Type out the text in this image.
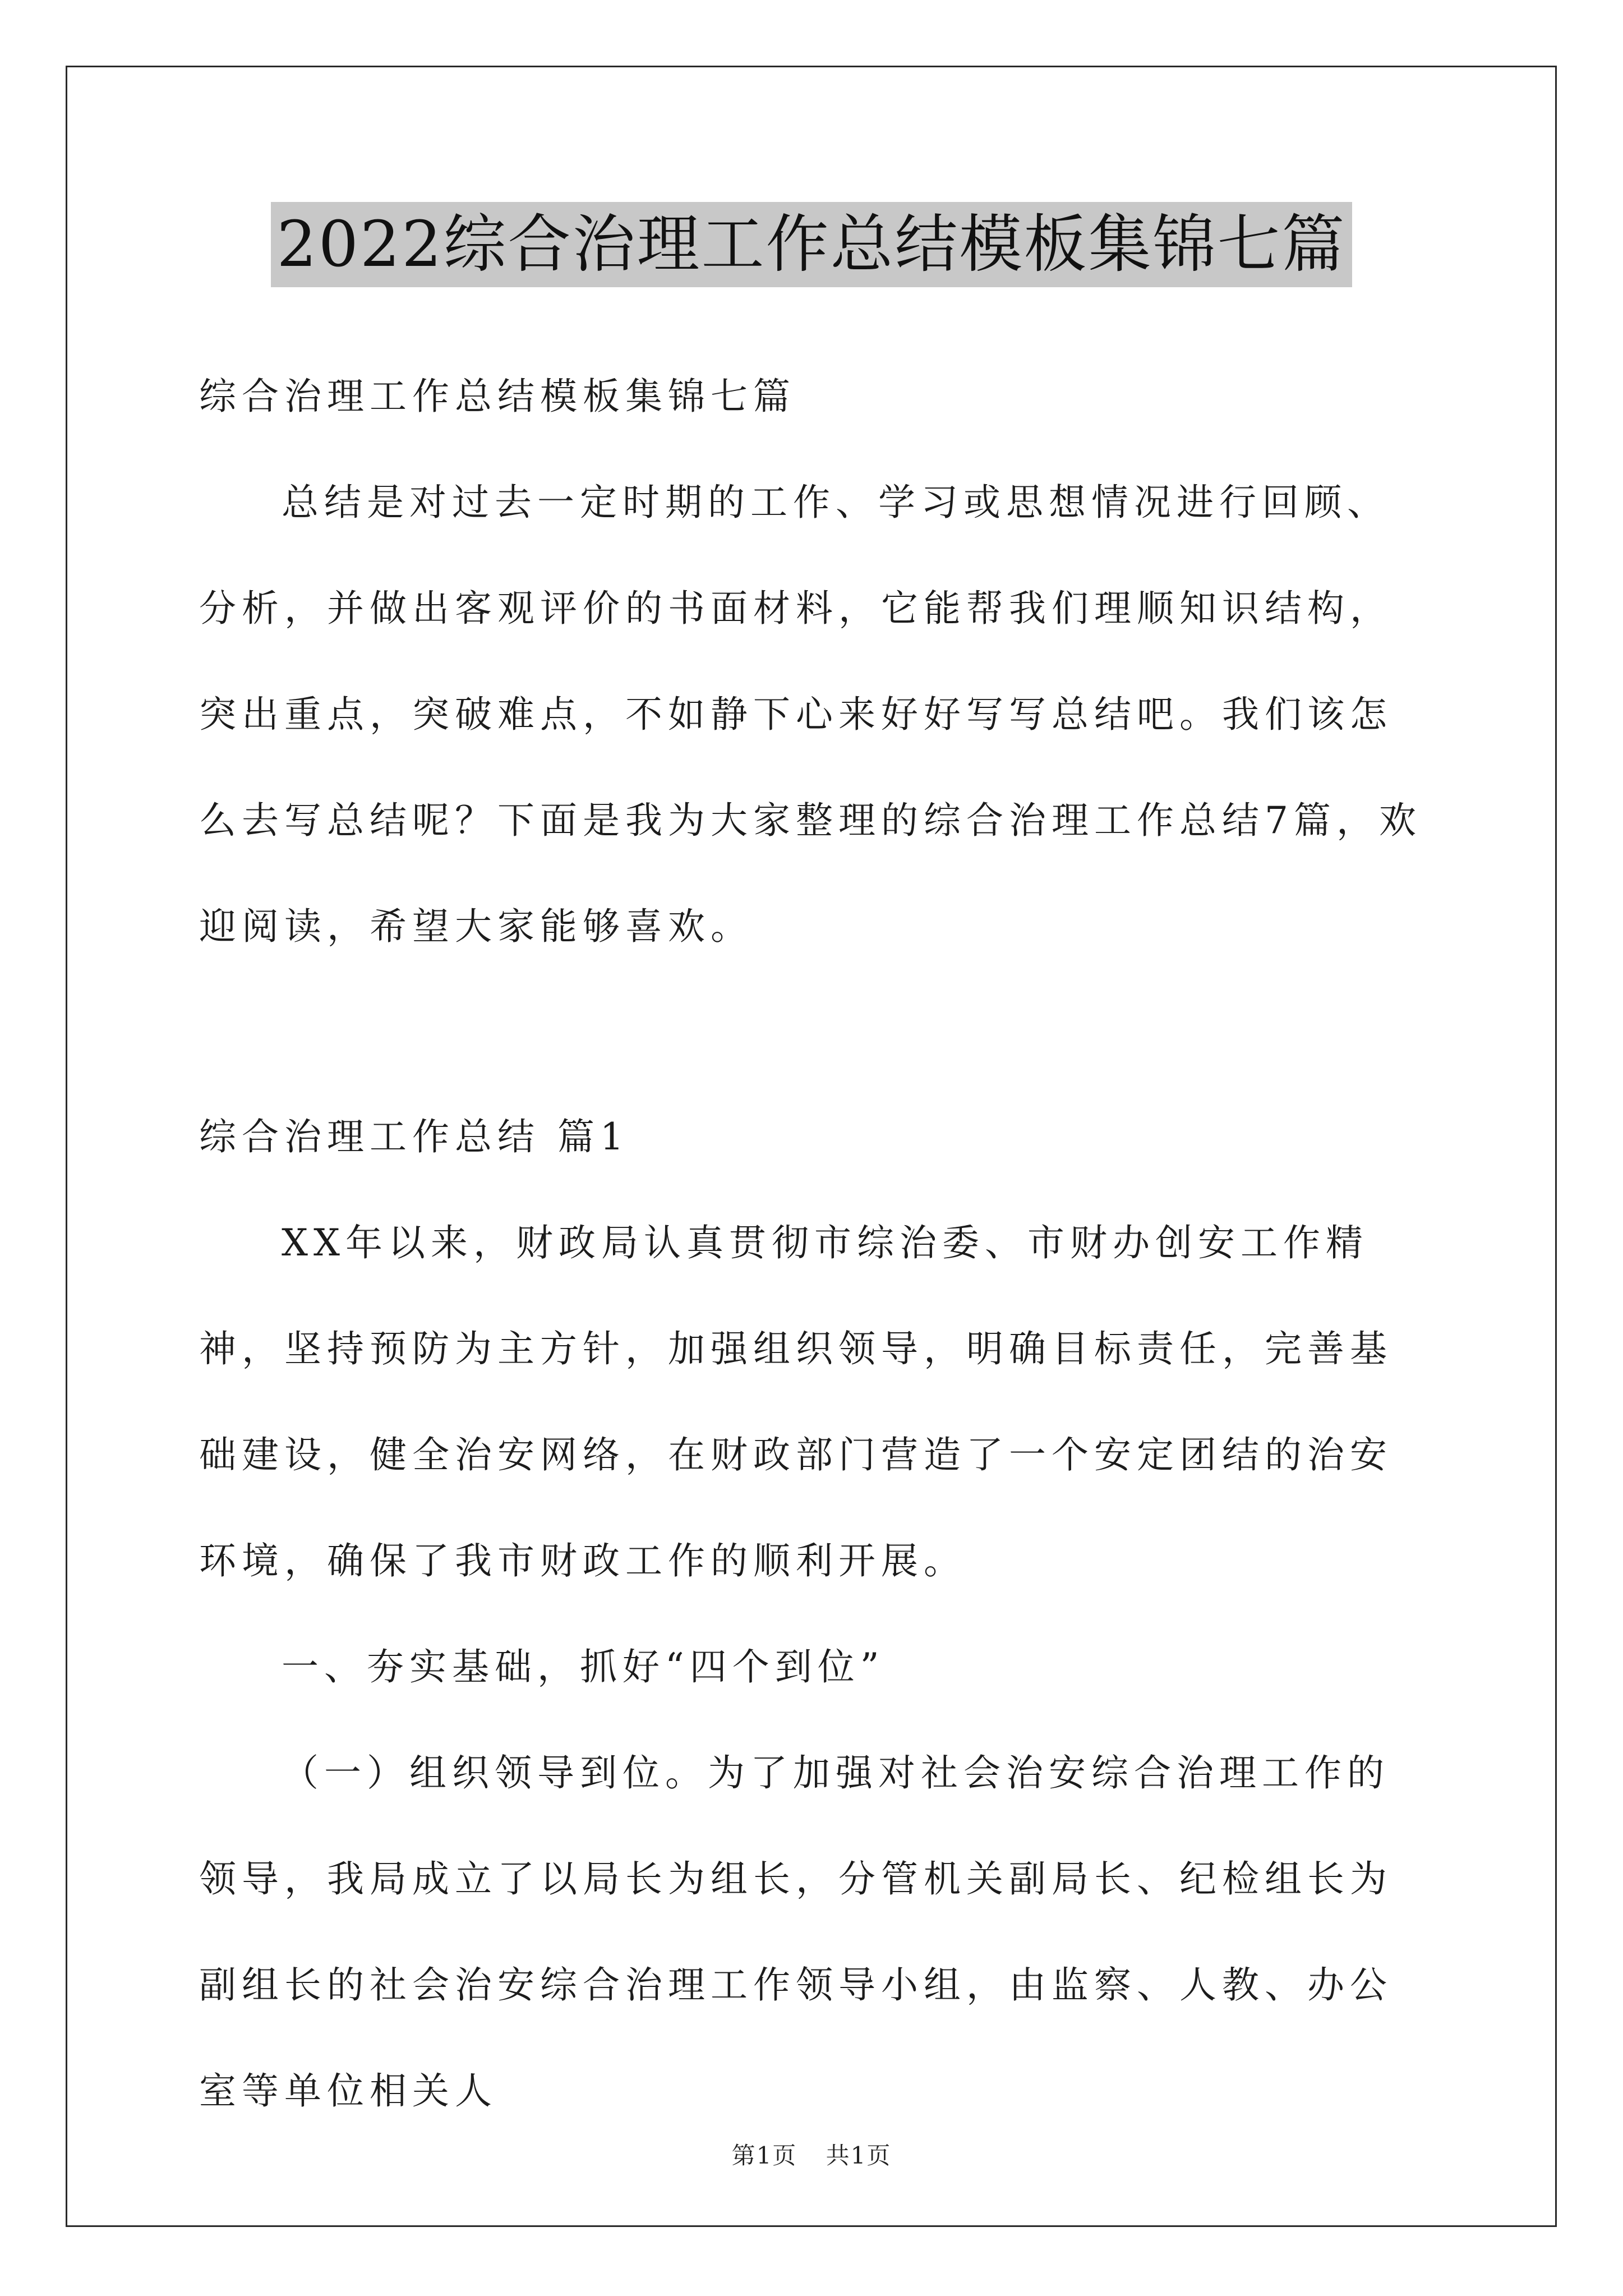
2022综合治理工作总结模板集锦七篇

综合治理工作总结模板集锦七篇

总结是对过去一定时期的工作、学习或思想情况进行回顾、分析，并做出客观评价的书面材料，它能帮我们理顺知识结构，突出重点，突破难点，不如静下心来好好写写总结吧。我们该怎么去写总结呢？下面是我为大家整理的综合治理工作总结7篇，欢迎阅读，希望大家能够喜欢。

综合治理工作总结 篇1

XX年以来，财政局认真贯彻市综治委、市财办创安工作精神，坚持预防为主方针，加强组织领导，明确目标责任，完善基础建设，健全治安网络，在财政部门营造了一个安定团结的治安环境，确保了我市财政工作的顺利开展。

一、夯实基础，抓好“四个到位”

（一）组织领导到位。为了加强对社会治安综合治理工作的领导，我局成立了以局长为组长，分管机关副局长、纪检组长为副组长的社会治安综合治理工作领导小组，由监察、人教、办公室等单位相关人

第1页 共1页
